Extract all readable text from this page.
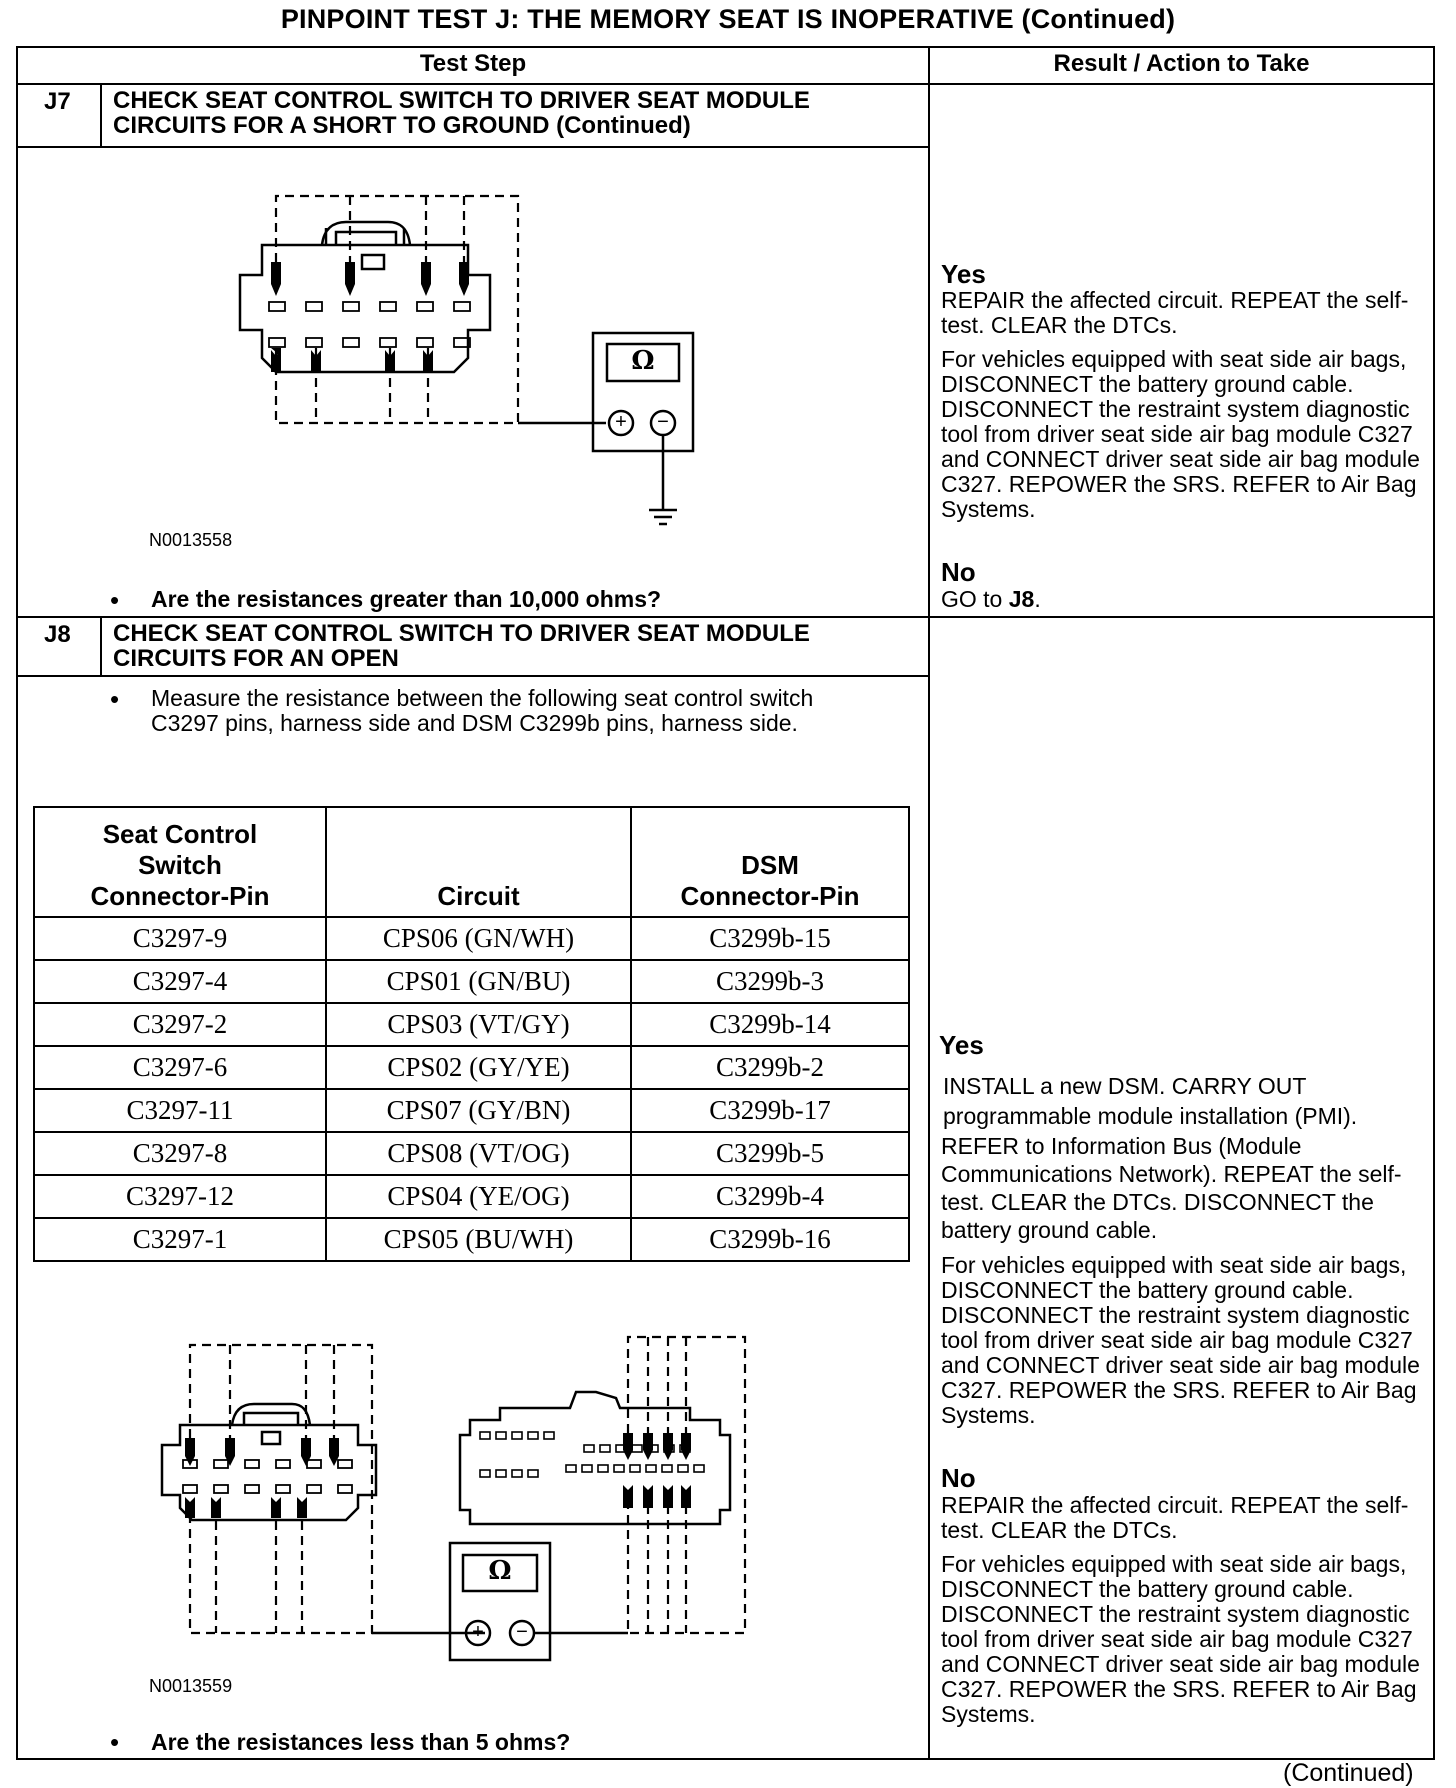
PINPOINT TEST J: THE MEMORY SEAT IS INOPERATIVE (Continued)
Test Step	Result / Action to Take
J7 CHECK SEAT CONTROL SWITCH TO DRIVER SEAT MODULE
CIRCUITS FOR A SHORT TO GROUND (Continued)
Ω
+	−
N0013558
• Are the resistances greater than 10,000 ohms?
Yes
REPAIR the affected circuit. REPEAT the self-test. CLEAR the DTCs.
For vehicles equipped with seat side air bags, DISCONNECT the battery ground cable. DISCONNECT the restraint system diagnostic tool from driver seat side air bag module C327 and CONNECT driver seat side air bag module C327. REPOWER the SRS. REFER to Air Bag Systems.
No
GO to J8.
J8 CHECK SEAT CONTROL SWITCH TO DRIVER SEAT MODULE
CIRCUITS FOR AN OPEN
• Measure the resistance between the following seat control switch C3297 pins, harness side and DSM C3299b pins, harness side.
Seat Control
Switch
Connector-Pin	Circuit	DSM
Connector-Pin
C3297-9	CPS06 (GN/WH)	C3299b-15
C3297-4	CPS01 (GN/BU)	C3299b-3
C3297-2	CPS03 (VT/GY)	C3299b-14
C3297-6	CPS02 (GY/YE)	C3299b-2
C3297-11	CPS07 (GY/BN)	C3299b-17
C3297-8	CPS08 (VT/OG)	C3299b-5
C3297-12	CPS04 (YE/OG)	C3299b-4
C3297-1	CPS05 (BU/WH)	C3299b-16
Ω
+	−
N0013559
• Are the resistances less than 5 ohms?
Yes
INSTALL a new DSM. CARRY OUT programmable module installation (PMI).
REFER to Information Bus (Module Communications Network). REPEAT the self-test. CLEAR the DTCs. DISCONNECT the battery ground cable.
For vehicles equipped with seat side air bags, DISCONNECT the battery ground cable. DISCONNECT the restraint system diagnostic tool from driver seat side air bag module C327 and CONNECT driver seat side air bag module C327. REPOWER the SRS. REFER to Air Bag Systems.
No
REPAIR the affected circuit. REPEAT the self-test. CLEAR the DTCs.
For vehicles equipped with seat side air bags, DISCONNECT the battery ground cable. DISCONNECT the restraint system diagnostic tool from driver seat side air bag module C327 and CONNECT driver seat side air bag module C327. REPOWER the SRS. REFER to Air Bag Systems.
(Continued)
